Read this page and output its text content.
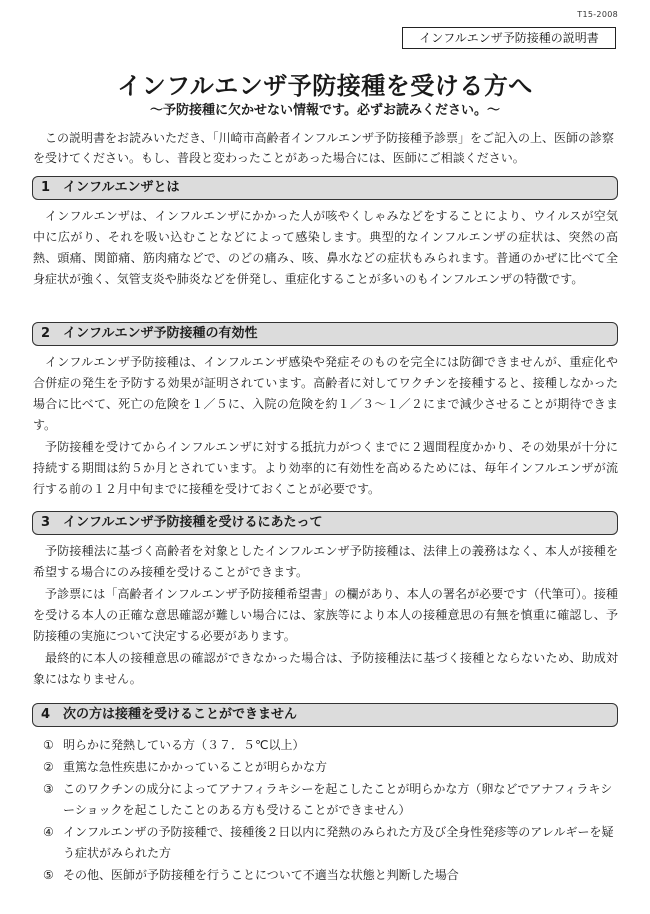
T15-2008
インフルエンザ予防接種の説明書
インフルエンザ予防接種を受ける方へ
～予防接種に欠かせない情報です。必ずお読みください。～
この説明書をお読みいただき、「川崎市高齢者インフルエンザ予防接種予診票」をご記入の上、医師の診察を受けてください。もし、普段と変わったことがあった場合には、医師にご相談ください。
1　インフルエンザとは

インフルエンザは、インフルエンザにかかった人が咳やくしゃみなどをすることにより、ウイルスが空気中に広がり、それを吸い込むことなどによって感染します。典型的なインフルエンザの症状は、突然の高熱、頭痛、関節痛、筋肉痛などで、のどの痛み、咳、鼻水などの症状もみられます。普通のかぜに比べて全身症状が強く、気管支炎や肺炎などを併発し、重症化することが多いのもインフルエンザの特徴です。

2　インフルエンザ予防接種の有効性

インフルエンザ予防接種は、インフルエンザ感染や発症そのものを完全には防御できませんが、重症化や合併症の発生を予防する効果が証明されています。高齢者に対してワクチンを接種すると、接種しなかった場合に比べて、死亡の危険を１／５に、入院の危険を約１／３～１／２にまで減少させることが期待できます。

予防接種を受けてからインフルエンザに対する抵抗力がつくまでに２週間程度かかり、その効果が十分に持続する期間は約５か月とされています。より効率的に有効性を高めるためには、毎年インフルエンザが流行する前の１２月中旬までに接種を受けておくことが必要です。

3　インフルエンザ予防接種を受けるにあたって

予防接種法に基づく高齢者を対象としたインフルエンザ予防接種は、法律上の義務はなく、本人が接種を希望する場合にのみ接種を受けることができます。

予診票には「高齢者インフルエンザ予防接種希望書」の欄があり、本人の署名が必要です（代筆可）。接種を受ける本人の正確な意思確認が難しい場合には、家族等により本人の接種意思の有無を慎重に確認し、予防接種の実施について決定する必要があります。

最終的に本人の接種意思の確認ができなかった場合は、予防接種法に基づく接種とならないため、助成対象にはなりません。

4　次の方は接種を受けることができません
① 明らかに発熱している方（３７．５℃以上）
② 重篤な急性疾患にかかっていることが明らかな方
③ このワクチンの成分によってアナフィラキシーを起こしたことが明らかな方（卵などでアナフィラキシーショックを起こしたことのある方も受けることができません）
④ インフルエンザの予防接種で、接種後２日以内に発熱のみられた方及び全身性発疹等のアレルギーを疑う症状がみられた方
⑤ その他、医師が予防接種を行うことについて不適当な状態と判断した場合
